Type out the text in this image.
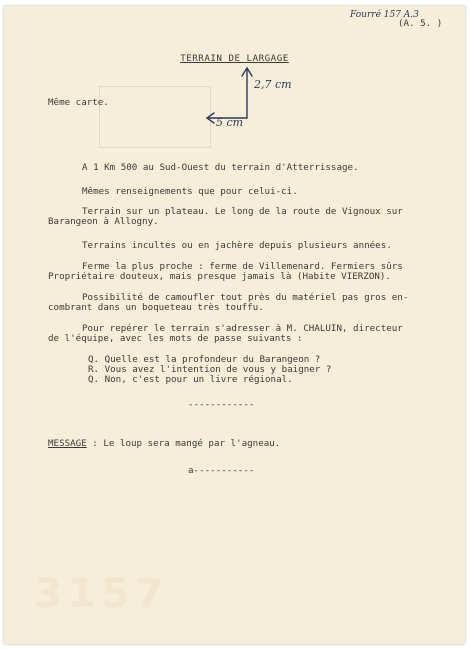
Fourré 157 A.3
(A. 5. )
TERRAIN DE LARGAGE
2,7 cm
5 cm
Même carte.
A 1 Km 500 au Sud-Ouest du terrain d'Atterrissage.
Mêmes renseignements que pour celui-ci.
Terrain sur un plateau. Le long de la route de Vignoux sur
Barangeon à Allogny.
Terrains incultes ou en jachère depuis plusieurs années.
Ferme la plus proche : ferme de Villemenard. Fermiers sûrs
Propriétaire douteux, mais presque jamais là (Habite VIERZON).
Possibilité de camoufler tout près du matériel pas gros en-
combrant dans un boqueteau très touffu.
Pour repérer le terrain s'adresser à M. CHALUIN, directeur
de l'équipe, avec les mots de passe suivants :
Q. Quelle est la profondeur du Barangeon ?
R. Vous avez l'intention de vous y baigner ?
Q. Non, c'est pour un livre régional.
------------
MESSAGE : Le loup sera mangé par l'agneau.
a-----------
3157
